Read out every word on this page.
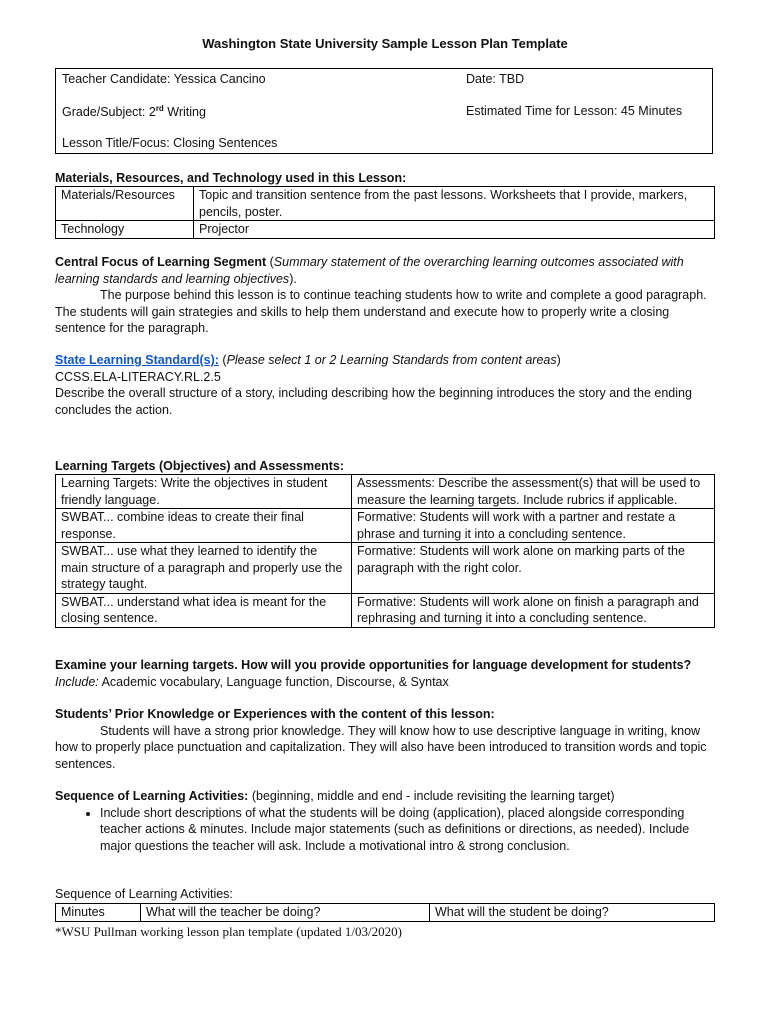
Washington State University Sample Lesson Plan Template
Teacher Candidate: Yessica Cancino	Date: TBD
Grade/Subject: 2rd Writing	Estimated Time for Lesson: 45 Minutes
Lesson Title/Focus: Closing Sentences
Materials, Resources, and Technology used in this Lesson:
Materials/Resources	Topic and transition sentence from the past lessons. Worksheets that I provide, markers, pencils, poster.
Technology	Projector
Central Focus of Learning Segment (Summary statement of the overarching learning outcomes associated with learning standards and learning objectives).
The purpose behind this lesson is to continue teaching students how to write and complete a good paragraph. The students will gain strategies and skills to help them understand and execute how to properly write a closing sentence for the paragraph.
State Learning Standard(s): (Please select 1 or 2 Learning Standards from content areas)
CCSS.ELA-LITERACY.RL.2.5
Describe the overall structure of a story, including describing how the beginning introduces the story and the ending concludes the action.
Learning Targets (Objectives) and Assessments:
Learning Targets: Write the objectives in student friendly language.	Assessments: Describe the assessment(s) that will be used to measure the learning targets. Include rubrics if applicable.
SWBAT... combine ideas to create their final response.	Formative: Students will work with a partner and restate a phrase and turning it into a concluding sentence.
SWBAT... use what they learned to identify the main structure of a paragraph and properly use the strategy taught.	Formative: Students will work alone on marking parts of the paragraph with the right color.
SWBAT... understand what idea is meant for the closing sentence.	Formative: Students will work alone on finish a paragraph and rephrasing and turning it into a concluding sentence.
Examine your learning targets. How will you provide opportunities for language development for students? Include: Academic vocabulary, Language function, Discourse, & Syntax
Students’ Prior Knowledge or Experiences with the content of this lesson:
Students will have a strong prior knowledge. They will know how to use descriptive language in writing, know how to properly place punctuation and capitalization. They will also have been introduced to transition words and topic sentences.
Sequence of Learning Activities: (beginning, middle and end - include revisiting the learning target)
• Include short descriptions of what the students will be doing (application), placed alongside corresponding teacher actions & minutes. Include major statements (such as definitions or directions, as needed). Include major questions the teacher will ask. Include a motivational intro & strong conclusion.
Sequence of Learning Activities:
Minutes	What will the teacher be doing?	What will the student be doing?
*WSU Pullman working lesson plan template (updated 1/03/2020)
